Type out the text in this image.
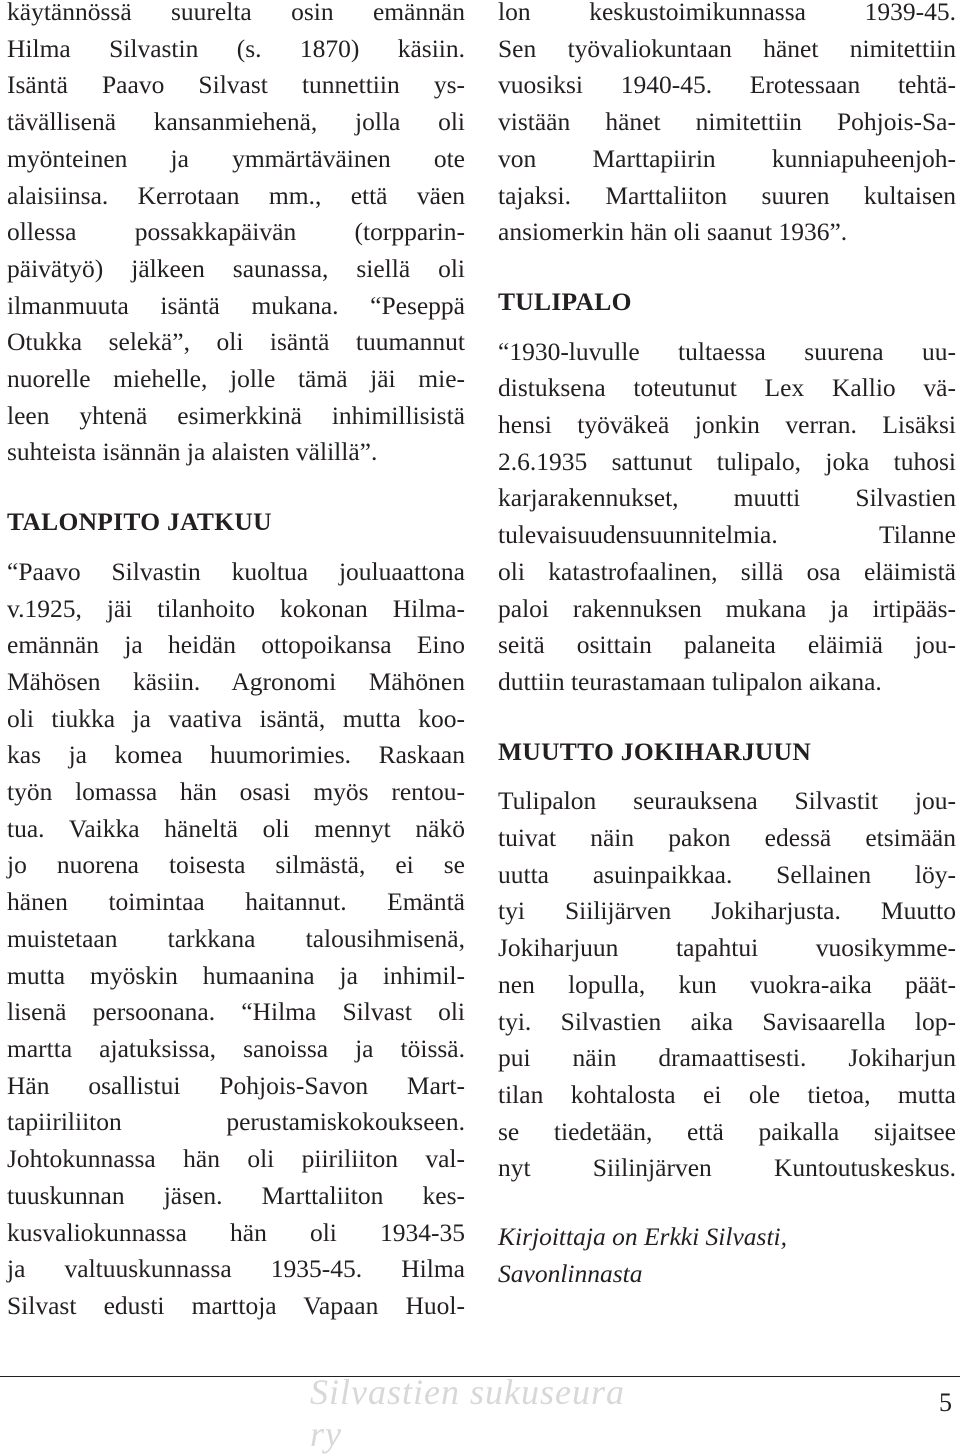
käytännössä suurelta osin emännän
Hilma Silvastin (s. 1870) käsiin.
Isäntä Paavo Silvast tunnettiin ys-
tävällisenä kansanmiehenä, jolla oli
myönteinen ja ymmärtäväinen ote
alaisiinsa. Kerrotaan mm., että väen
ollessa possakkapäivän (torpparin-
päivätyö) jälkeen saunassa, siellä oli
ilmanmuuta isäntä mukana. “Peseppä
Otukka selekä”, oli isäntä tuumannut
nuorelle miehelle, jolle tämä jäi mie-
leen yhtenä esimerkkinä inhimillisistä
suhteista isännän ja alaisten välillä”.

TALONPITO JATKUU

“Paavo Silvastin kuoltua jouluaattona
v.1925, jäi tilanhoito kokonan Hilma-
emännän ja heidän ottopoikansa Eino
Mähösen käsiin. Agronomi Mähönen
oli tiukka ja vaativa isäntä, mutta koo-
kas ja komea huumorimies. Raskaan
työn lomassa hän osasi myös rentou-
tua. Vaikka häneltä oli mennyt näkö
jo nuorena toisesta silmästä, ei se
hänen toimintaa haitannut. Emäntä
muistetaan tarkkana talousihmisenä,
mutta myöskin humaanina ja inhimil-
lisenä persoonana. “Hilma Silvast oli
martta ajatuksissa, sanoissa ja töissä.
Hän osallistui Pohjois-Savon Mart-
tapiiriliiton perustamiskokoukseen.
Johtokunnassa hän oli piiriliiton val-
tuuskunnan jäsen. Marttaliiton kes-
kusvaliokunnassa hän oli 1934-35
ja valtuuskunnassa 1935-45. Hilma
Silvast edusti marttoja Vapaan Huol-

lon keskustoimikunnassa 1939-45.
Sen työvaliokuntaan hänet nimitettiin
vuosiksi 1940-45. Erotessaan tehtä-
vistään hänet nimitettiin Pohjois-Sa-
von Marttapiirin kunniapuheenjoh-
tajaksi. Marttaliiton suuren kultaisen
ansiomerkin hän oli saanut 1936”.

TULIPALO

“1930-luvulle tultaessa suurena uu-
distuksena toteutunut Lex Kallio vä-
hensi työväkeä jonkin verran. Lisäksi
2.6.1935 sattunut tulipalo, joka tuhosi
karjarakennukset, muutti Silvastien
tulevaisuudensuunnitelmia. Tilanne
oli katastrofaalinen, sillä osa eläimistä
paloi rakennuksen mukana ja irtipääs-
seitä osittain palaneita eläimiä jou-
duttiin teurastamaan tulipalon aikana.

MUUTTO JOKIHARJUUN

Tulipalon seurauksena Silvastit jou-
tuivat näin pakon edessä etsimään
uutta asuinpaikkaa. Sellainen löy-
tyi Siilijärven Jokiharjusta. Muutto
Jokiharjuun tapahtui vuosikymme-
nen lopulla, kun vuokra-aika päät-
tyi. Silvastien aika Savisaarella lop-
pui näin dramaattisesti. Jokiharjun
tilan kohtalosta ei ole tietoa, mutta
se tiedetään, että paikalla sijaitsee
nyt Siilinjärven Kuntoutuskeskus.

Kirjoittaja on Erkki Silvasti,
Savonlinnasta

Silvastien sukuseura ry
5
